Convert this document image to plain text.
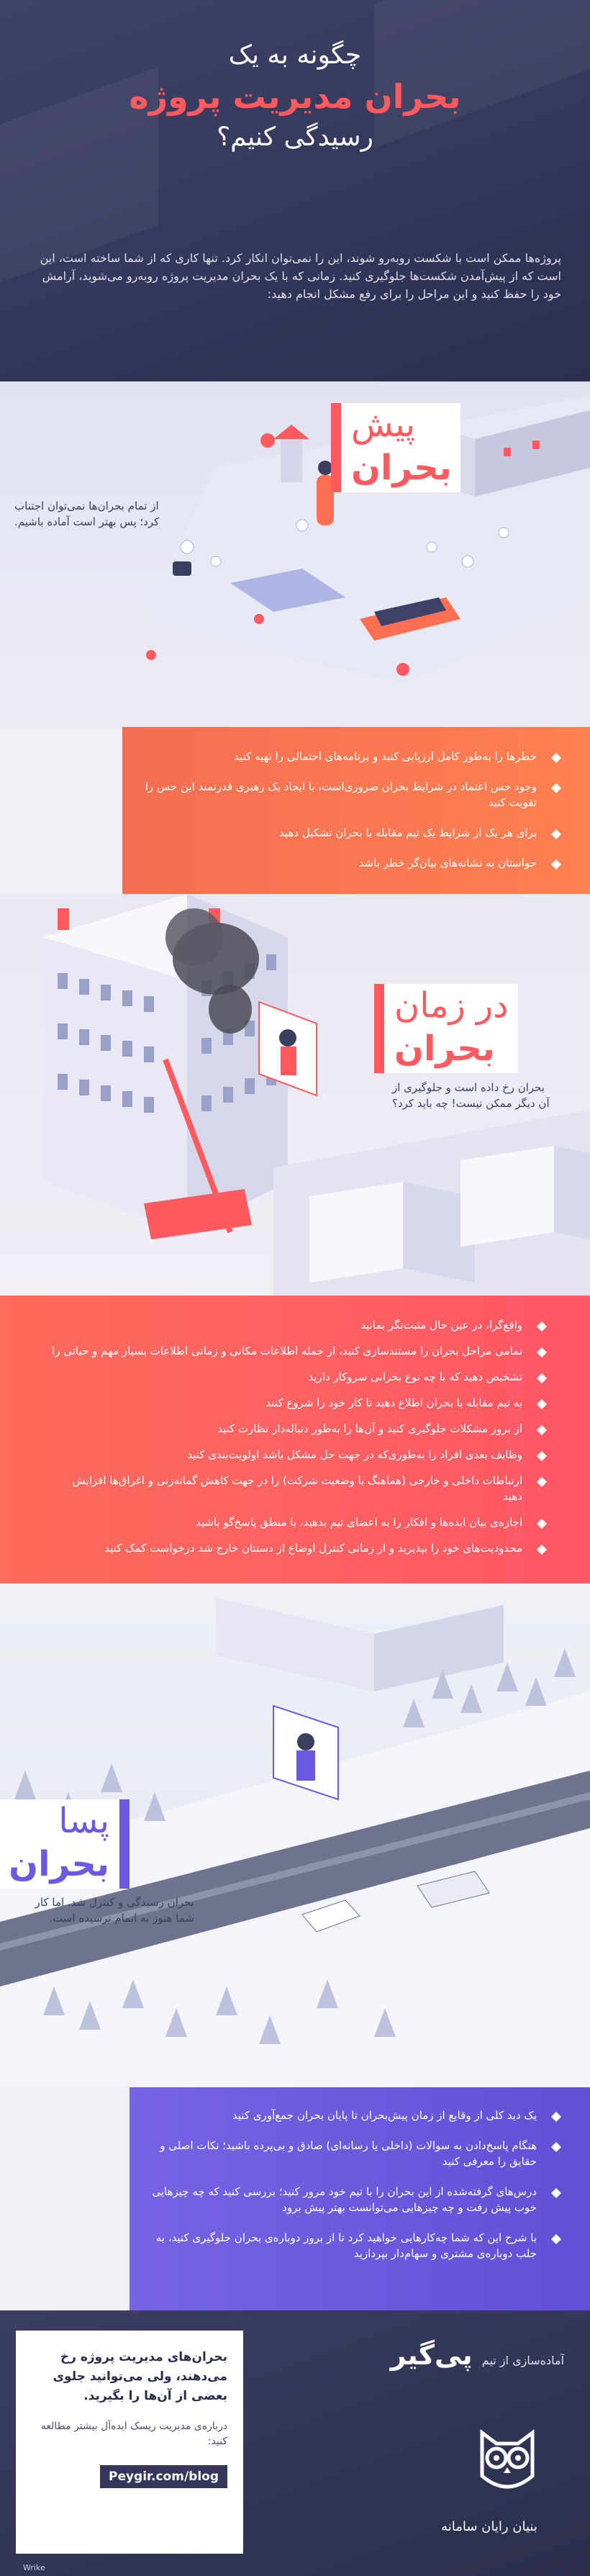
چگونه به یک
بحران مدیریت پروژه
رسیدگی کنیم؟
پروژه‌ها ممکن است با شکست روبه‌رو شوند، این را نمی‌توان انکار کرد. تنها کاری که از شما ساخته است، این است که از پیش‌آمدن شکست‌ها جلوگیری کنید. زمانی که با یک بحران مدیریت پروژه روبه‌رو می‌شوید، آرامش خود را حفظ کنید و این مراحل را برای رفع مشکل انجام دهید:
پیش
بحران
از تمام بحران‌ها نمی‌توان اجتناب کرد؛ پس بهتر است آماده باشیم.
خطرها را به‌طور کامل ارزیابی کنید و برنامه‌های احتمالی را تهیه کنید
وجود حس اعتماد در شرایط بحران ضروری‌است، با ایجاد یک رهبری قدرتمند این حس را تقویت کنید
برای هر یک از شرایط یک تیم مقابله با بحران تشکیل دهید
حواستان به نشانه‌های بیان‌گر خطر باشد
در زمان
بحران
بحران رخ داده است و جلوگیری از آن دیگر ممکن نیست! چه باید کرد؟
واقع‌گرا، در عین حال مثبت‌نگر بمانید
تمامی مراحل بحران را مستندسازی کنید، از جمله اطلاعات مکانی و زمانی اطلاعات بسیار مهم و حیاتی را
تشخیص دهید که با چه نوع بحرانی سروکار دارید
به تیم مقابله با بحران اطلاع دهید تا کار خود را شروع کنند
از بروز مشکلات جلوگیری کنید و آن‌ها را به‌طور دنباله‌دار نظارت کنید
وظایف بعدی افراد را به‌طوری‌که در جهت حل مشکل باشد اولویت‌بندی کنید
ارتباطات داخلی و خارجی (هماهنگ با وضعیت شرکت) را در جهت کاهش گمانه‌زنی و اغراق‌ها افزایش دهید
اجازه‌ی بیان ایده‌ها و افکار را به اعضای تیم بدهید، با منطق پاسخ‌گو باشید
محدودیت‌های خود را بپذیرید و از زمانی کنترل اوضاع از دستتان خارج شد درخواست کمک کنید
پسا
بحران
بحران رسیدگی و کنترل شد. اما کار شما هنوز به اتمام نرسیده است.
یک دید کلی از وقایع از زمان پیش‌بحران تا پایان بحران جمع‌آوری کنید
هنگام پاسخ‌دادن به سوالات (داخلی یا رسانه‌ای) صادق و بی‌پرده باشید؛ نکات اصلی و حقایق را معرفی کنید
درس‌های گرفته‌شده از این بحران را با تیم خود مرور کنید؛ بررسی کنید که چه چیزهایی خوب پیش رفت و چه چیزهایی می‌توانست بهتر پیش برود
با شرح این که شما چه‌کارهایی خواهید کرد تا از بروز دوباره‌ی بحران جلوگیری کنید، به جلب دوباره‌ی مشتری و سهام‌دار بپردازید
بحران‌های مدیریت پروژه رخ می‌دهند، ولی می‌توانید جلوی بعضی از آن‌ها را بگیرید.
درباره‌ی مدیریت ریسک ایده‌آل بیشتر مطالعه کنید:
Peygir.com/blog
Wrike
آماده‌سازی از تیم پی‌گیر
بنیان رایان سامانه
